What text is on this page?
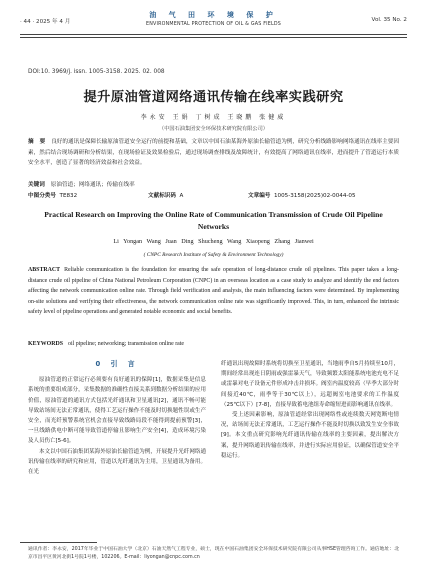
· 44 · 2025 年 4 月
油 气 田 环 境 保 护
ENVIRONMENTAL PROTECTION OF OIL & GAS FIELDS
Vol. 35 No. 2
DOI:10. 3969/j. issn. 1005-3158. 2025. 02. 008
提升原油管道网络通讯传输在线率实践研究
李永安 王娟 丁树成 王晓鹏 张健威
（中国石油集团安全环保技术研究院有限公司）
摘 要 良好的通讯是保障长输原油管道安全运行的前提和基础，文章以中国石油某海外原油长输管道为例，研究分析线路影响网络通讯在线率主要因素，然后结合现场调研和分析结果，在现场验证及效果检验后，通过现场调查排线及故障统计，有效提高了网络通讯在线率，进而提升了管道运行本质安全水平，创造了显著的经济效益和社会效益。
关键词 原油管道；网络通讯；传输在线率
中图分类号 TE832	文献标识码 A	文章编号 1005-3158(2025)02-0044-05
Practical Research on Improving the Online Rate of Communication Transmission of Crude Oil Pipeline Networks
Li Yongan Wang Juan Ding Shucheng Wang Xiaopeng Zhang Jianwei
( CNPC Research Institute of Safety & Environment Technology)
ABSTRACT Reliable communication is the foundation for ensuring the safe operation of long-distance crude oil pipelines. This paper takes a long-distance crude oil pipeline of China National Petroleum Corporation (CNPC) in an overseas location as a case study to analyze and identify the end factors affecting the network communication online rate. Through field verification and analysis, the main influencing factors were determined. By implementing on-site solutions and verifying their effectiveness, the network communication online rate was significantly improved. This, in turn, enhanced the intrinsic safety level of pipeline operations and generated notable economic and social benefits.
KEYWORDS oil pipeline; networking; transmission online rate
0 引 言

原油管道的正常运行必须要有良好通讯的保障[1]，数据采集是信息系统的重要组成部分，采集数据的准确性直接关系到数据分析结果的应用价值，原油管道的通讯方式包括光纤通讯和卫星通讯[2]，通讯不畅可能导致站场间无法正常通讯，使得工艺运行操作不能及时切换题性误或生产安全，而光纤预警系统官机会直接导致线路局段不能得到提前预警[3]，一旦线路供电中断可能导致管道停输且影响生产安全[4]，造成环境污染及人员伤亡[5-6]。

本文以中国石油集团某海外原油长输管道为例，开展提升光纤网络通讯传输在线率的研究和应用，管道以光纤通讯为主用，卫星通讯为备用。在光

纤通讯出现故障时系统将切换至卫星通讯，当地雨季自5月持续至10月，期间经常出现连日阴雨或强雷暴天气，导致频繁太阳能系统电池充电不足或雷暴对电子设备元件形成冲击并损坏。阀室内温度较高（早季大部分时间接近40℃，雨季等于30℃以上），远超阀室电池要求的工作温度（25℃以下）[7-8]，直接导致蓄电池组寿命缩短进而影响通讯在线率。

受上述因素影响，原油管道经常出现网络性或连续数天网宽断电情况，站场间无法正常通讯，工艺运行操作不能及时切换以致发生安全事故[9]。本文重点研究影响光纤通讯传输在线率的主要因素，提出解决方案，提升网络通讯传输在线率，并进行实际应用验证，以确保管道安全平稳运行。

通讯作者：李永安，2017年毕业于中国石油大学（北京）石油天然气工程专业，硕士，现在中国石油集团安全环保技术研究院有限公司从事HSE管理咨询工作。通信地址：北京市昌平区黄河北街1号院1号楼，102206。E-mail：liyongan@cnpc.com.cn
